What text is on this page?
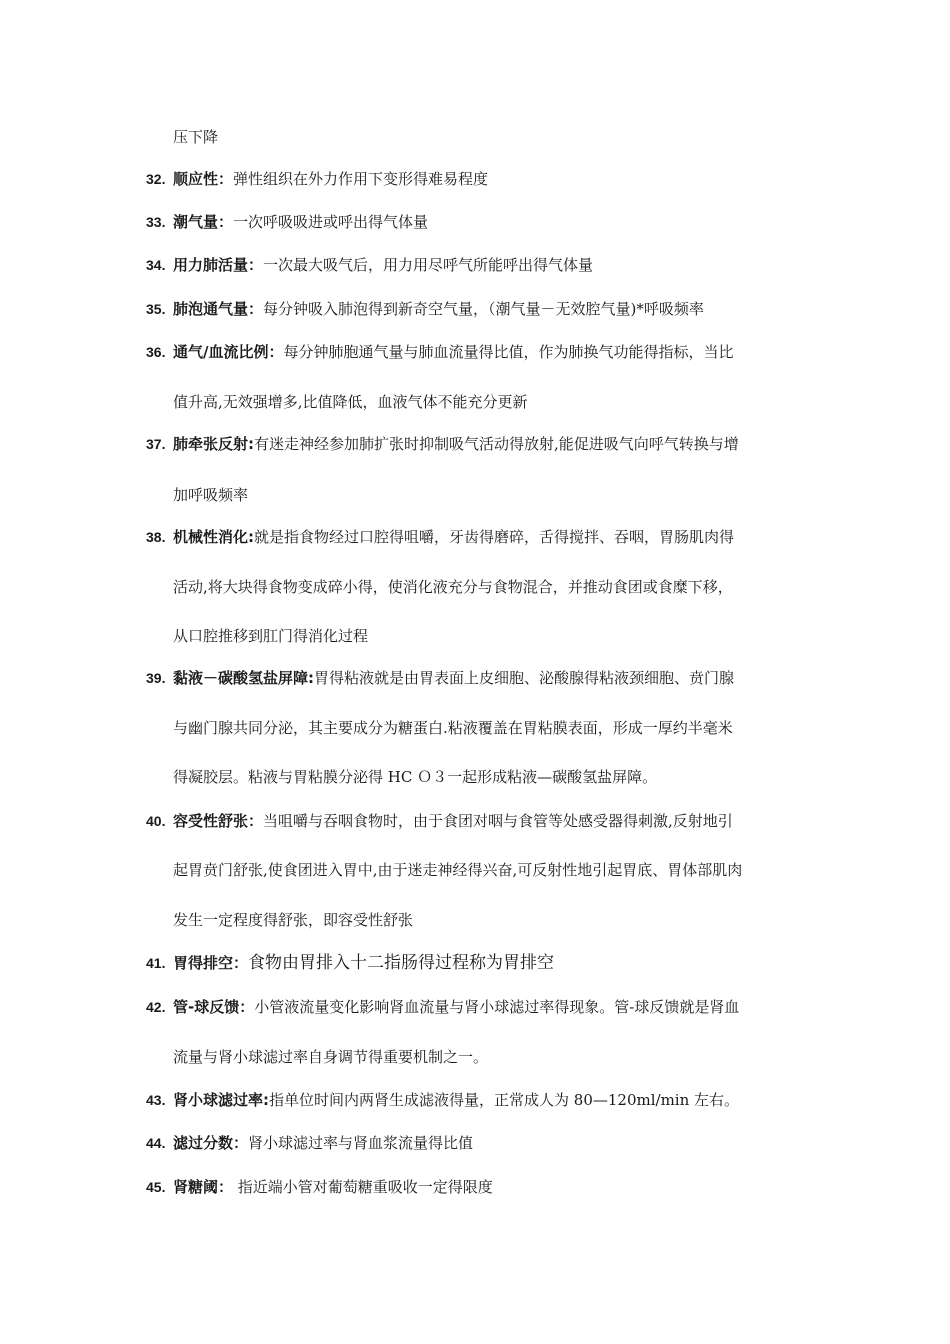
压下降
32. 顺应性：弹性组织在外力作用下变形得难易程度
33. 潮气量：一次呼吸吸进或呼出得气体量
34. 用力肺活量：一次最大吸气后，用力用尽呼气所能呼出得气体量
35. 肺泡通气量：每分钟吸入肺泡得到新奇空气量，（潮气量－无效腔气量)*呼吸频率
36. 通气/血流比例：每分钟肺胞通气量与肺血流量得比值，作为肺换气功能得指标，当比
值升高,无效强增多,比值降低，血液气体不能充分更新
37. 肺牵张反射:有迷走神经参加肺扩张时抑制吸气活动得放射,能促进吸气向呼气转换与增
加呼吸频率
38. 机械性消化:就是指食物经过口腔得咀嚼，牙齿得磨碎，舌得搅拌、吞咽，胃肠肌肉得
活动,将大块得食物变成碎小得，使消化液充分与食物混合，并推动食团或食糜下移，
从口腔推移到肛门得消化过程
39. 黏液－碳酸氢盐屏障:胃得粘液就是由胃表面上皮细胞、泌酸腺得粘液颈细胞、贲门腺
与幽门腺共同分泌，其主要成分为糖蛋白.粘液覆盖在胃粘膜表面，形成一厚约半毫米
得凝胶层。粘液与胃粘膜分泌得 HC Ｏ３一起形成粘液—碳酸氢盐屏障。
40. 容受性舒张：当咀嚼与吞咽食物时，由于食团对咽与食管等处感受器得刺激,反射地引
起胃贲门舒张,使食团进入胃中,由于迷走神经得兴奋,可反射性地引起胃底、胃体部肌肉
发生一定程度得舒张，即容受性舒张
41. 胃得排空：食物由胃排入十二指肠得过程称为胃排空
42. 管-球反馈：小管液流量变化影响肾血流量与肾小球滤过率得现象。管-球反馈就是肾血
流量与肾小球滤过率自身调节得重要机制之一。
43. 肾小球滤过率:指单位时间内两肾生成滤液得量，正常成人为 80—120ml/min 左右。
44. 滤过分数：肾小球滤过率与肾血浆流量得比值
45. 肾糖阈： 指近端小管对葡萄糖重吸收一定得限度
